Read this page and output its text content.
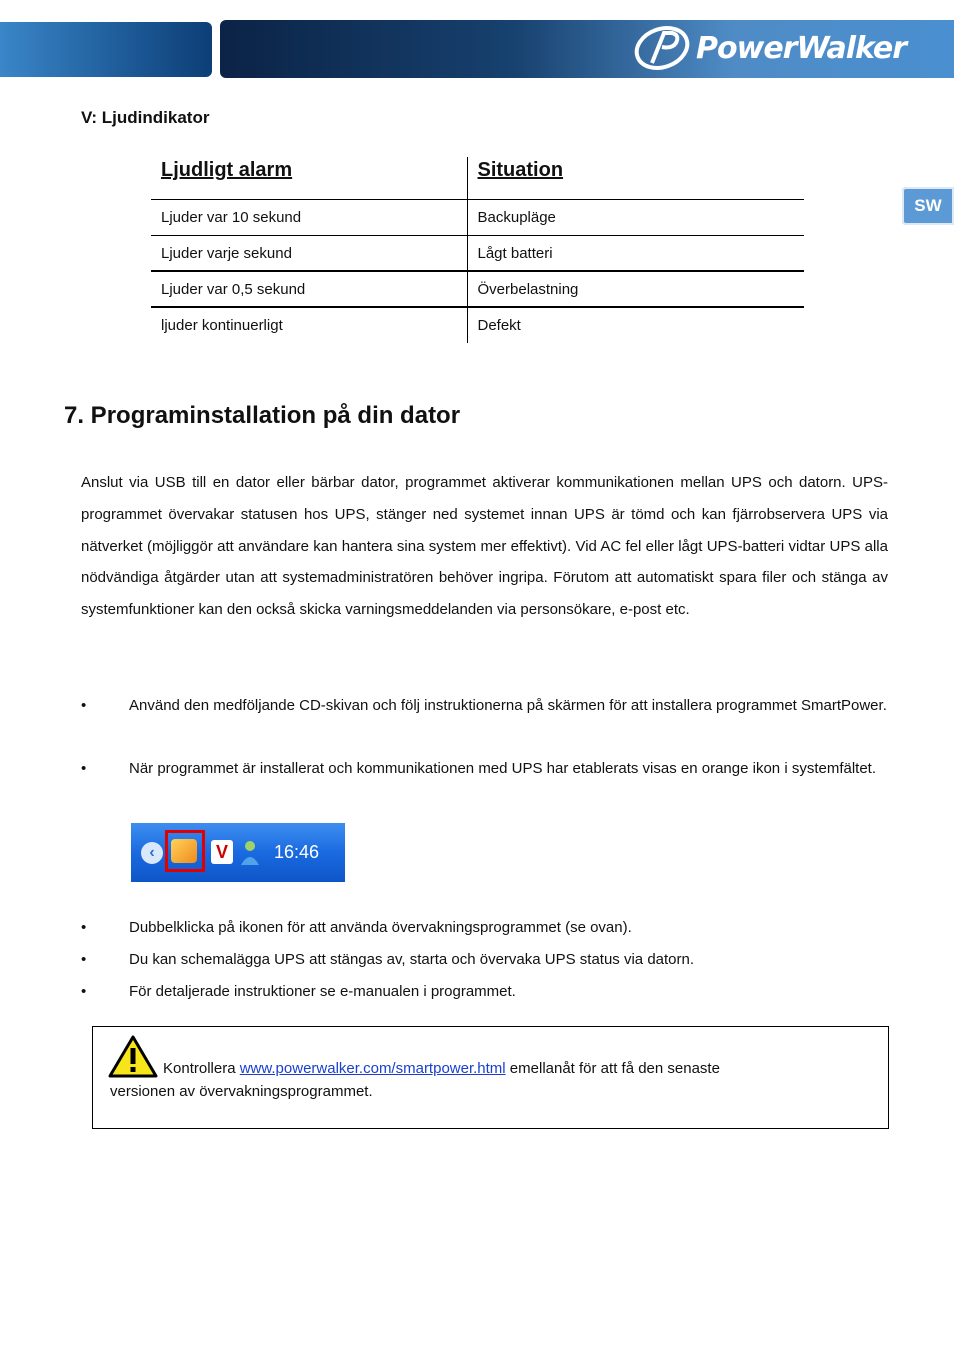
PowerWalker
SW
V: Ljudindikator
Ljudligt alarm	Situation
Ljuder var 10 sekund	Backupläge
Ljuder varje sekund	Lågt batteri
Ljuder var 0,5 sekund	Överbelastning
ljuder kontinuerligt	Defekt
7. Programinstallation på din dator

Anslut via USB till en dator eller bärbar dator, programmet aktiverar kommunikationen mellan UPS och datorn. UPS-programmet övervakar statusen hos UPS, stänger ned systemet innan UPS är tömd och kan fjärrobservera UPS via nätverket (möjliggör att användare kan hantera sina system mer effektivt). Vid AC fel eller lågt UPS-batteri vidtar UPS alla nödvändiga åtgärder utan att systemadministratören behöver ingripa. Förutom att automatiskt spara filer och stänga av systemfunktioner kan den också skicka varningsmeddelanden via personsökare, e-post etc.

•	Använd den medföljande CD-skivan och följ instruktionerna på skärmen för att installera programmet SmartPower.
•	När programmet är installerat och kommunikationen med UPS har etablerats visas en orange ikon i systemfältet.
‹	V	16:46
•	Dubbelklicka på ikonen för att använda övervakningsprogrammet (se ovan).
•	Du kan schemalägga UPS att stängas av, starta och övervaka UPS status via datorn.
•	För detaljerade instruktioner se e-manualen i programmet.
Kontrollera www.powerwalker.com/smartpower.html emellanåt för att få den senaste
versionen av övervakningsprogrammet.
